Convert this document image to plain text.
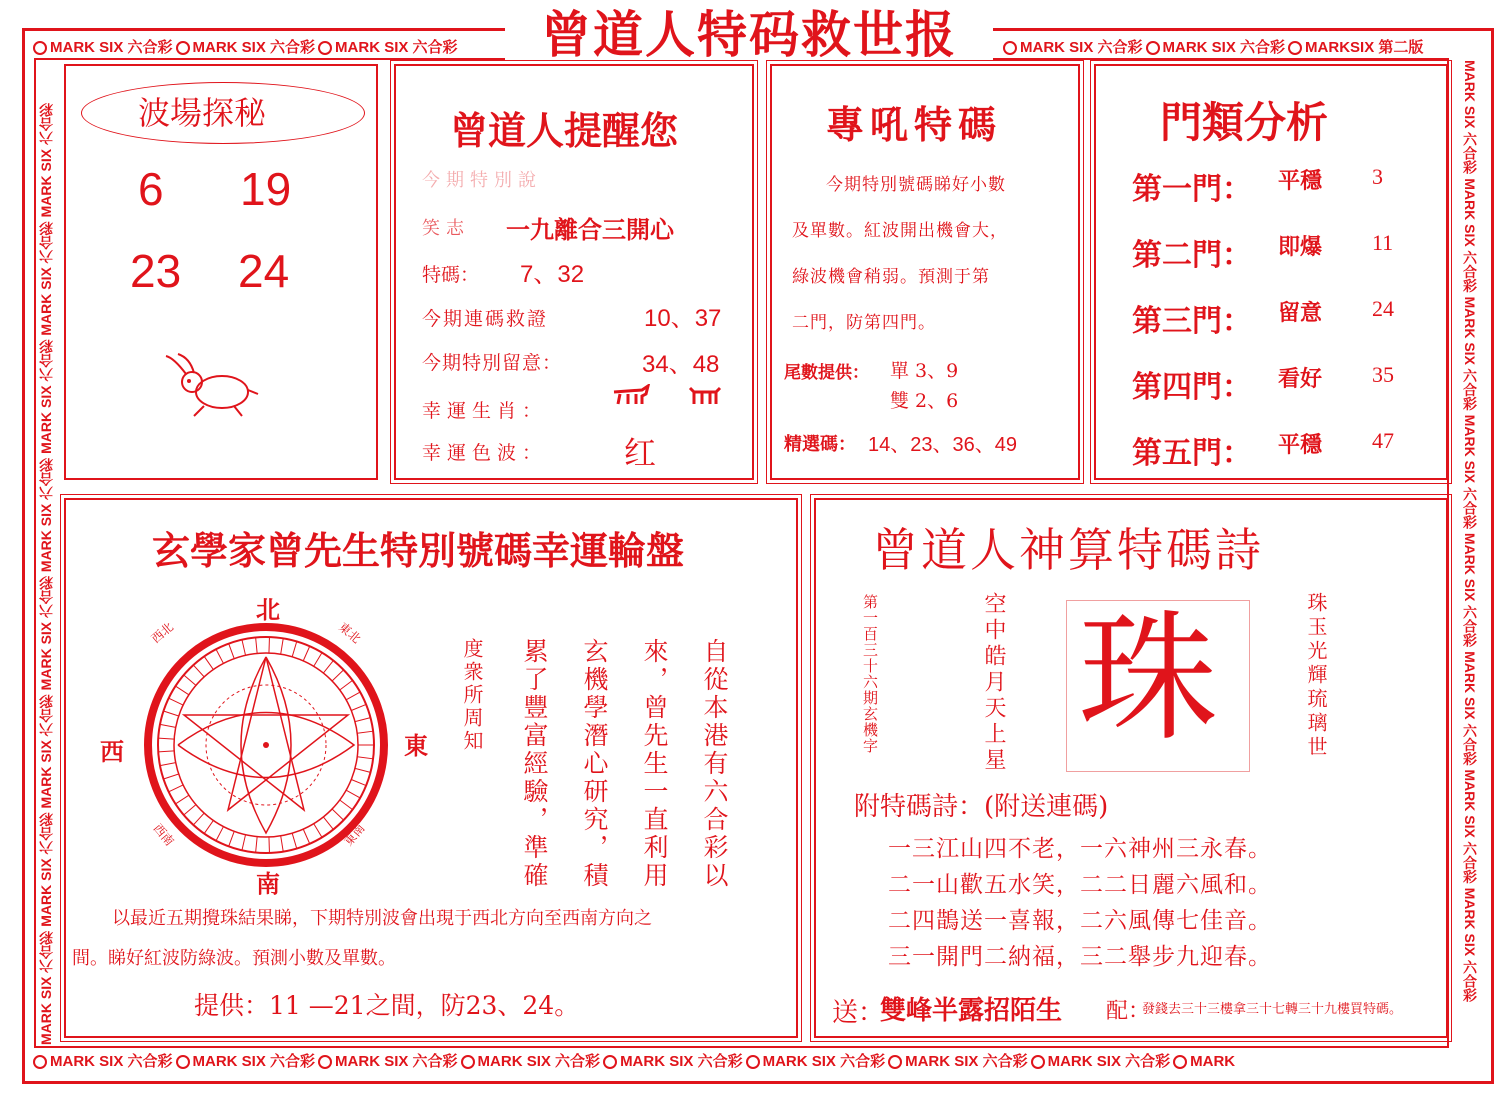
MARK SIX 六合彩 MARK SIX 六合彩 MARK SIX 六合彩	MARK SIX 六合彩 MARK SIX 六合彩 MARKSIX 第二版
MARK SIX 六合彩 MARK SIX 六合彩 MARK SIX 六合彩 MARK SIX 六合彩 MARK SIX 六合彩 MARK SIX 六合彩 MARK SIX 六合彩 MARK SIX 六合彩 MARK
MARK SIX 六合彩 MARK SIX 六合彩 MARK SIX 六合彩 MARK SIX 六合彩 MARK SIX 六合彩 MARK SIX 六合彩 MARK SIX 六合彩 MARK SIX 六合彩	MARK SIX 六合彩 MARK SIX 六合彩 MARK SIX 六合彩 MARK SIX 六合彩 MARK SIX 六合彩 MARK SIX 六合彩 MARK SIX 六合彩 MARK SIX 六合彩
曾道人特码救世报
波場探秘
6 19
23 24
曾道人提醒您
今期特別說
笑志 一九離合三開心
特碼： 7、32
今期連碼救證	10、37
今期特別留意：	34、48
幸運生肖：
幸運色波： 红
專吼特碼
今期特別號碼睇好小數
及單數。紅波開出機會大，
綠波機會稍弱。預測于第
二門，防第四門。
尾數提供： 單 3、9
雙 2、6
精選碼： 14、23、36、49
門類分析
第一門： 平穩 3
第二門： 即爆 11
第三門： 留意 24
第四門： 看好 35
第五門： 平穩 47
玄學家曾先生特別號碼幸運輪盤
北
南
東
西
西北	東北
西南	東南	自從本港有六合彩以
來，曾先生一直利用
玄機學潛心研究，積
累了豐富經驗，準確
度衆所周知
以最近五期攪珠結果睇，下期特別波會出現于西北方向至西南方向之
間。睇好紅波防綠波。預測小數及單數。
提供：11 —21之間，防23、24。
曾道人神算特碼詩
第一百三十六期玄機字	空中皓月天上星 珠	珠玉光輝琉璃世
附特碼詩：(附送連碼)
一三江山四不老，一六神州三永春。
二一山歡五水笑，二二日麗六風和。
二四鵲送一喜報，二六風傳七佳音。
三一開門二納福，三二舉步九迎春。
送：
雙峰半露招陌生 配：
發錢去三十三樓拿三十七轉三十九樓買特碼。
